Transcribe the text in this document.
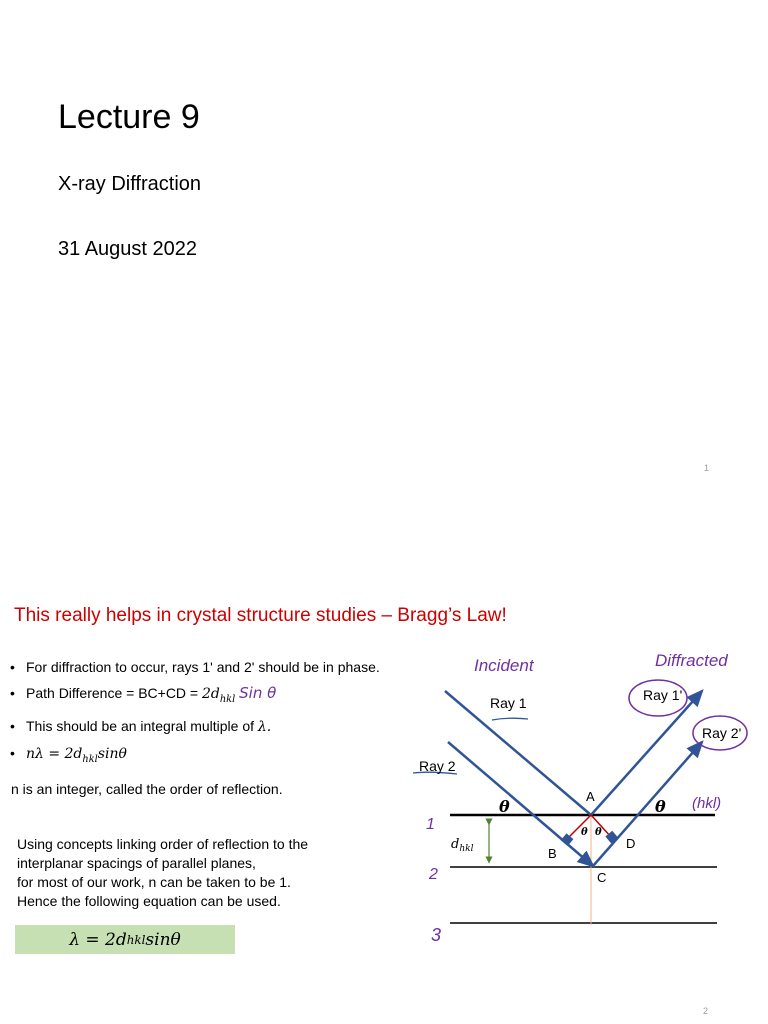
Lecture 9
X-ray Diffraction
31 August 2022
1
This really helps in crystal structure studies – Bragg’s Law!
• For diffraction to occur, rays 1' and 2' should be in phase.
• Path Difference = $BC+CD = 2d_{hkl}$ Sin θ
• This should be an integral multiple of λ.
• $n\lambda = 2d_{hkl}\sin\theta$
n is an integer, called the order of reflection.
Using concepts linking order of reflection to the
interplanar spacings of parallel planes,
for most of our work, n can be taken to be 1.
Hence the following equation can be used.
λ = 2d hkl sinθ
Incident	Diffracted
Ray 1
Ray 2
Ray 1'
Ray 2'
θ	θ
θ θ
A
B
C
D
$d_{hkl}$
1
2
3
(hkl)
2
